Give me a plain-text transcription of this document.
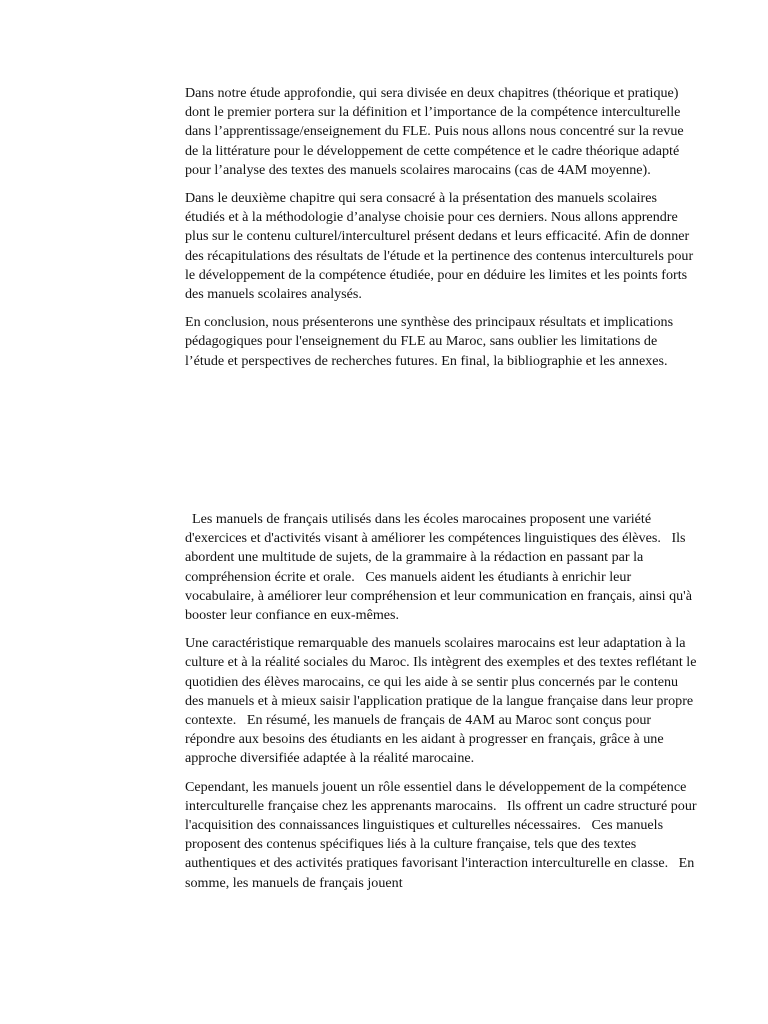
Dans notre étude approfondie, qui sera divisée en deux chapitres (théorique et pratique) dont le premier portera sur la définition et l’importance de la compétence interculturelle dans l’apprentissage/enseignement du FLE. Puis nous allons nous concentré sur la revue de la littérature pour le développement de cette compétence et le cadre théorique adapté pour l’analyse des textes des manuels scolaires marocains (cas de 4AM moyenne).

Dans le deuxième chapitre qui sera consacré à la présentation des manuels scolaires étudiés et à la méthodologie d’analyse choisie pour ces derniers. Nous allons apprendre plus sur le contenu culturel/interculturel présent dedans et leurs efficacité. Afin de donner des récapitulations des résultats de l'étude et la pertinence des contenus interculturels pour le développement de la compétence étudiée, pour en déduire les limites et les points forts des manuels scolaires analysés.

En conclusion, nous présenterons une synthèse des principaux résultats et implications pédagogiques pour l'enseignement du FLE au Maroc, sans oublier les limitations de l’étude et perspectives de recherches futures. En final, la bibliographie et les annexes.

Les manuels de français utilisés dans les écoles marocaines proposent une variété d'exercices et d'activités visant à améliorer les compétences linguistiques des élèves.   Ils abordent une multitude de sujets, de la grammaire à la rédaction en passant par la compréhension écrite et orale.   Ces manuels aident les étudiants à enrichir leur vocabulaire, à améliorer leur compréhension et leur communication en français, ainsi qu'à booster leur confiance en eux-mêmes.

Une caractéristique remarquable des manuels scolaires marocains est leur adaptation à la culture et à la réalité sociales du Maroc. Ils intègrent des exemples et des textes reflétant le quotidien des élèves marocains, ce qui les aide à se sentir plus concernés par le contenu des manuels et à mieux saisir l'application pratique de la langue française dans leur propre contexte.   En résumé, les manuels de français de 4AM au Maroc sont conçus pour répondre aux besoins des étudiants en les aidant à progresser en français, grâce à une approche diversifiée adaptée à la réalité marocaine.

Cependant, les manuels jouent un rôle essentiel dans le développement de la compétence interculturelle française chez les apprenants marocains.   Ils offrent un cadre structuré pour l'acquisition des connaissances linguistiques et culturelles nécessaires.   Ces manuels proposent des contenus spécifiques liés à la culture française, tels que des textes authentiques et des activités pratiques favorisant l'interaction interculturelle en classe.   En somme, les manuels de français jouent
